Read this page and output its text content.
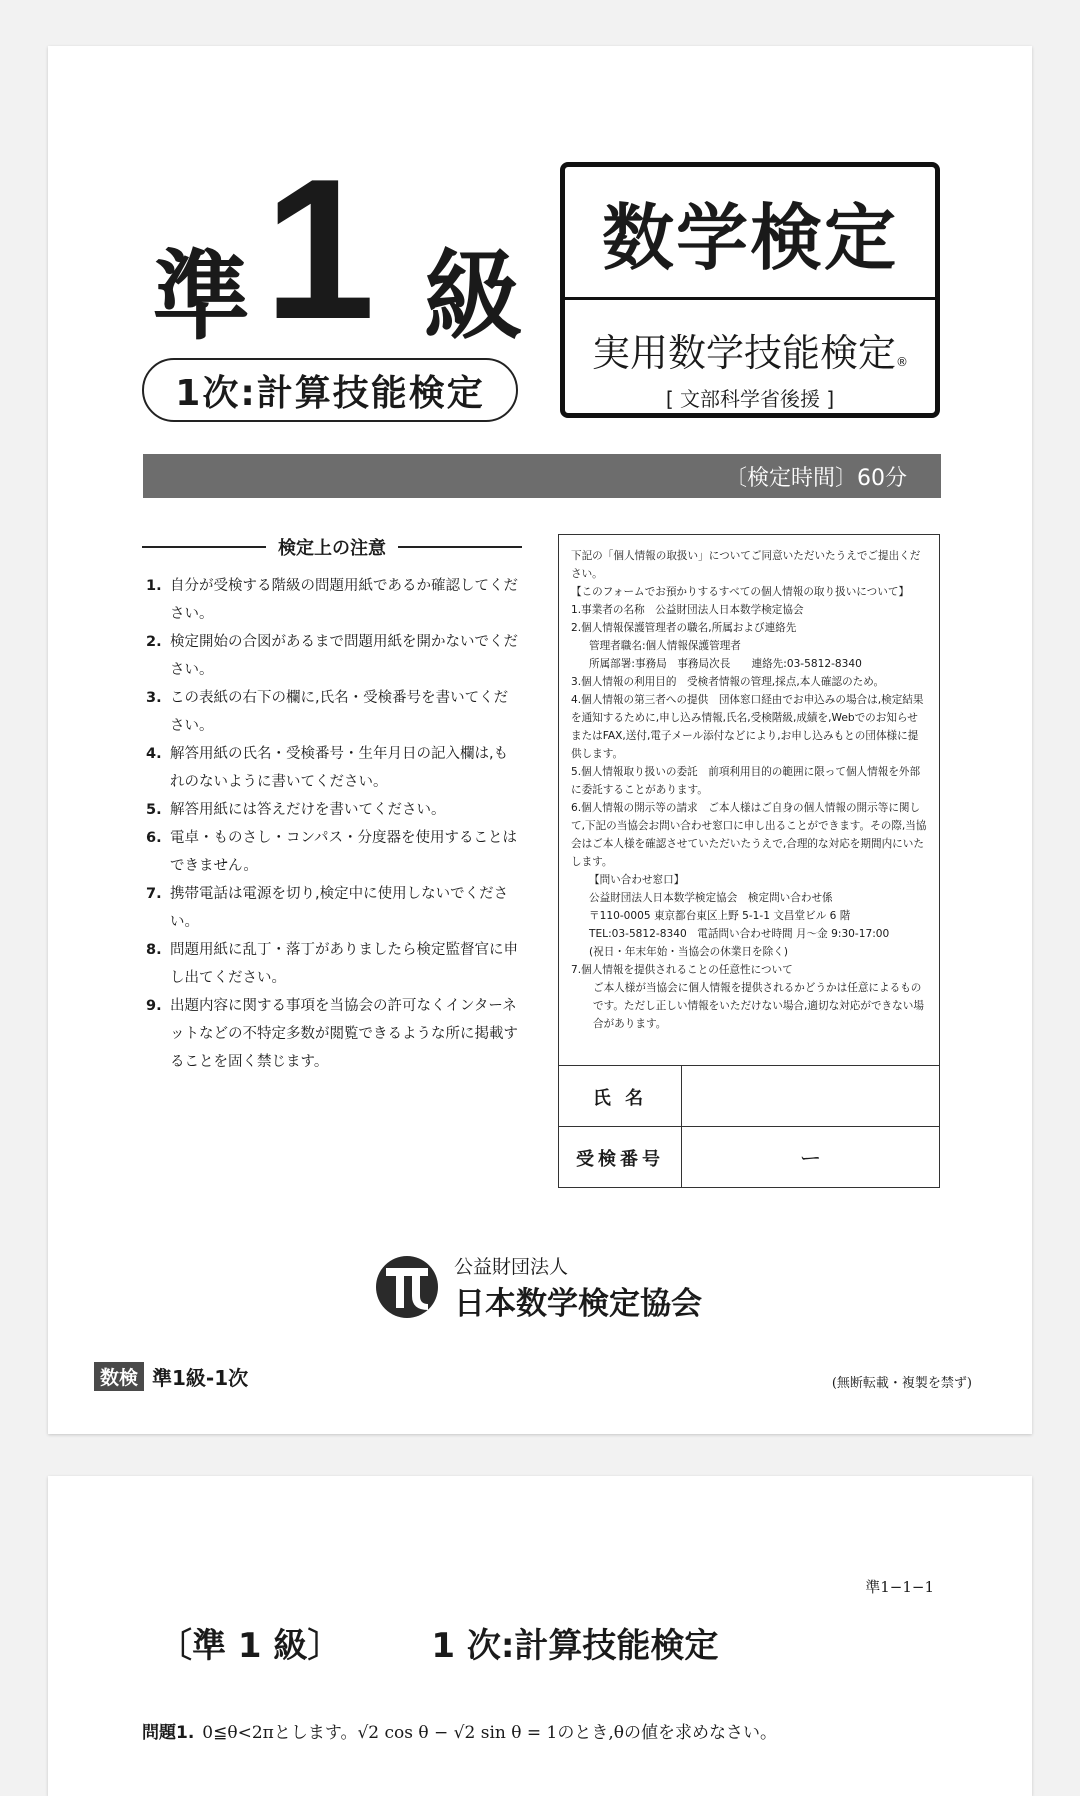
準 1 級
1次:計算技能検定
数学検定
実用数学技能検定®
[ 文部科学省後援 ]
〔検定時間〕60分
検定上の注意
1. 自分が受検する階級の問題用紙であるか確認してください。
2. 検定開始の合図があるまで問題用紙を開かないでください。
3. この表紙の右下の欄に,氏名・受検番号を書いてください。
4. 解答用紙の氏名・受検番号・生年月日の記入欄は,もれのないように書いてください。
5. 解答用紙には答えだけを書いてください。
6. 電卓・ものさし・コンパス・分度器を使用することはできません。
7. 携帯電話は電源を切り,検定中に使用しないでください。
8. 問題用紙に乱丁・落丁がありましたら検定監督官に申し出てください。
9. 出題内容に関する事項を当協会の許可なくインターネットなどの不特定多数が閲覧できるような所に掲載することを固く禁じます。

下記の「個人情報の取扱い」についてご同意いただいたうえでご提出ください。

【このフォームでお預かりするすべての個人情報の取り扱いについて】

1.事業者の名称　公益財団法人日本数学検定協会

2.個人情報保護管理者の職名,所属および連絡先

管理者職名:個人情報保護管理者

所属部署:事務局　事務局次長　　連絡先:03-5812-8340

3.個人情報の利用目的　受検者情報の管理,採点,本人確認のため。

4.個人情報の第三者への提供　団体窓口経由でお申込みの場合は,検定結果を通知するために,申し込み情報,氏名,受検階級,成績を,Webでのお知らせまたはFAX,送付,電子メール添付などにより,お申し込みもとの団体様に提供します。

5.個人情報取り扱いの委託　前項利用目的の範囲に限って個人情報を外部に委託することがあります。

6.個人情報の開示等の請求　ご本人様はご自身の個人情報の開示等に関して,下記の当協会お問い合わせ窓口に申し出ることができます。その際,当協会はご本人様を確認させていただいたうえで,合理的な対応を期間内にいたします。

【問い合わせ窓口】

公益財団法人日本数学検定協会　検定問い合わせ係

〒110-0005 東京都台東区上野 5-1-1 文昌堂ビル 6 階

TEL:03-5812-8340　電話問い合わせ時間 月〜金 9:30-17:00

(祝日・年末年始・当協会の休業日を除く)

7.個人情報を提供されることの任意性について

ご本人様が当協会に個人情報を提供されるかどうかは任意によるものです。ただし正しい情報をいただけない場合,適切な対応ができない場合があります。

氏 名
受検番号	ー
公益財団法人
日本数学検定協会
数検 準1級-1次	(無断転載・複製を禁ず)
準1−1−1
〔準 1 級〕	1 次:計算技能検定
問題1. 0≦θ<2πとします。√2 cos θ − √2 sin θ = 1のとき,θの値を求めなさい。
